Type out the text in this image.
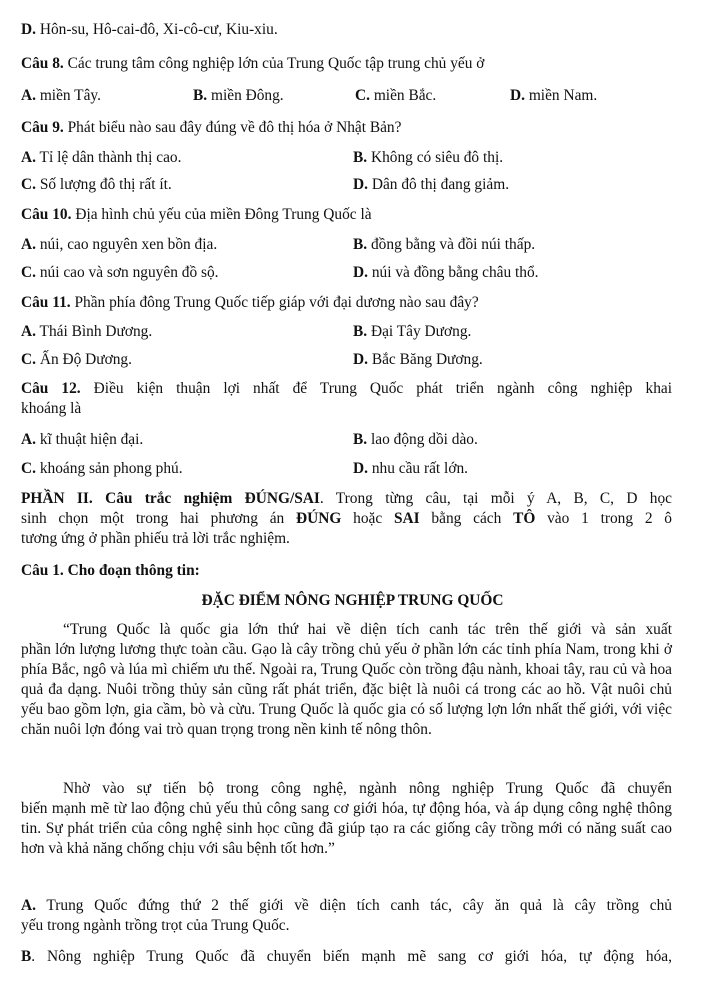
D. Hôn-su, Hô-cai-đô, Xi-cô-cư, Kiu-xiu.
Câu 8. Các trung tâm công nghiệp lớn của Trung Quốc tập trung chủ yếu ở
A. miền Tây.	B. miền Đông.	C. miền Bắc.	D. miền Nam.
Câu 9. Phát biểu nào sau đây đúng về đô thị hóa ở Nhật Bản?
A. Tỉ lệ dân thành thị cao.	B. Không có siêu đô thị.
C. Số lượng đô thị rất ít.	D. Dân đô thị đang giảm.
Câu 10. Địa hình chủ yếu của miền Đông Trung Quốc là
A. núi, cao nguyên xen bồn địa.	B. đồng bằng và đồi núi thấp.
C. núi cao và sơn nguyên đồ sộ.	D. núi và đồng bằng châu thổ.
Câu 11. Phần phía đông Trung Quốc tiếp giáp với đại dương nào sau đây?
A. Thái Bình Dương.	B. Đại Tây Dương.
C. Ấn Độ Dương.	D. Bắc Băng Dương.
Câu 12. Điều kiện thuận lợi nhất để Trung Quốc phát triển ngành công nghiệp khai
khoáng là
A. kĩ thuật hiện đại.	B. lao động dồi dào.
C. khoáng sản phong phú.	D. nhu cầu rất lớn.
PHẦN II. Câu trắc nghiệm ĐÚNG/SAI. Trong từng câu, tại mỗi ý A, B, C, D học
sinh chọn một trong hai phương án ĐÚNG hoặc SAI bằng cách TÔ vào 1 trong 2 ô
tương ứng ở phần phiếu trả lời trắc nghiệm.
Câu 1. Cho đoạn thông tin:
ĐẶC ĐIỂM NÔNG NGHIỆP TRUNG QUỐC
“Trung Quốc là quốc gia lớn thứ hai về diện tích canh tác trên thế giới và sản xuất
phần lớn lượng lương thực toàn cầu. Gạo là cây trồng chủ yếu ở phần lớn các tỉnh phía Nam, trong khi ở phía Bắc, ngô và lúa mì chiếm ưu thế. Ngoài ra, Trung Quốc còn trồng đậu nành, khoai tây, rau củ và hoa quả đa dạng. Nuôi trồng thủy sản cũng rất phát triển, đặc biệt là nuôi cá trong các ao hồ. Vật nuôi chủ yếu bao gồm lợn, gia cầm, bò và cừu. Trung Quốc là quốc gia có số lượng lợn lớn nhất thế giới, với việc chăn nuôi lợn đóng vai trò quan trọng trong nền kinh tế nông thôn.
Nhờ vào sự tiến bộ trong công nghệ, ngành nông nghiệp Trung Quốc đã chuyển
biến mạnh mẽ từ lao động chủ yếu thủ công sang cơ giới hóa, tự động hóa, và áp dụng công nghệ thông tin. Sự phát triển của công nghệ sinh học cũng đã giúp tạo ra các giống cây trồng mới có năng suất cao hơn và khả năng chống chịu với sâu bệnh tốt hơn.”
A. Trung Quốc đứng thứ 2 thế giới về diện tích canh tác, cây ăn quả là cây trồng chủ
yếu trong ngành trồng trọt của Trung Quốc.
B. Nông nghiệp Trung Quốc đã chuyển biến mạnh mẽ sang cơ giới hóa, tự động hóa,
